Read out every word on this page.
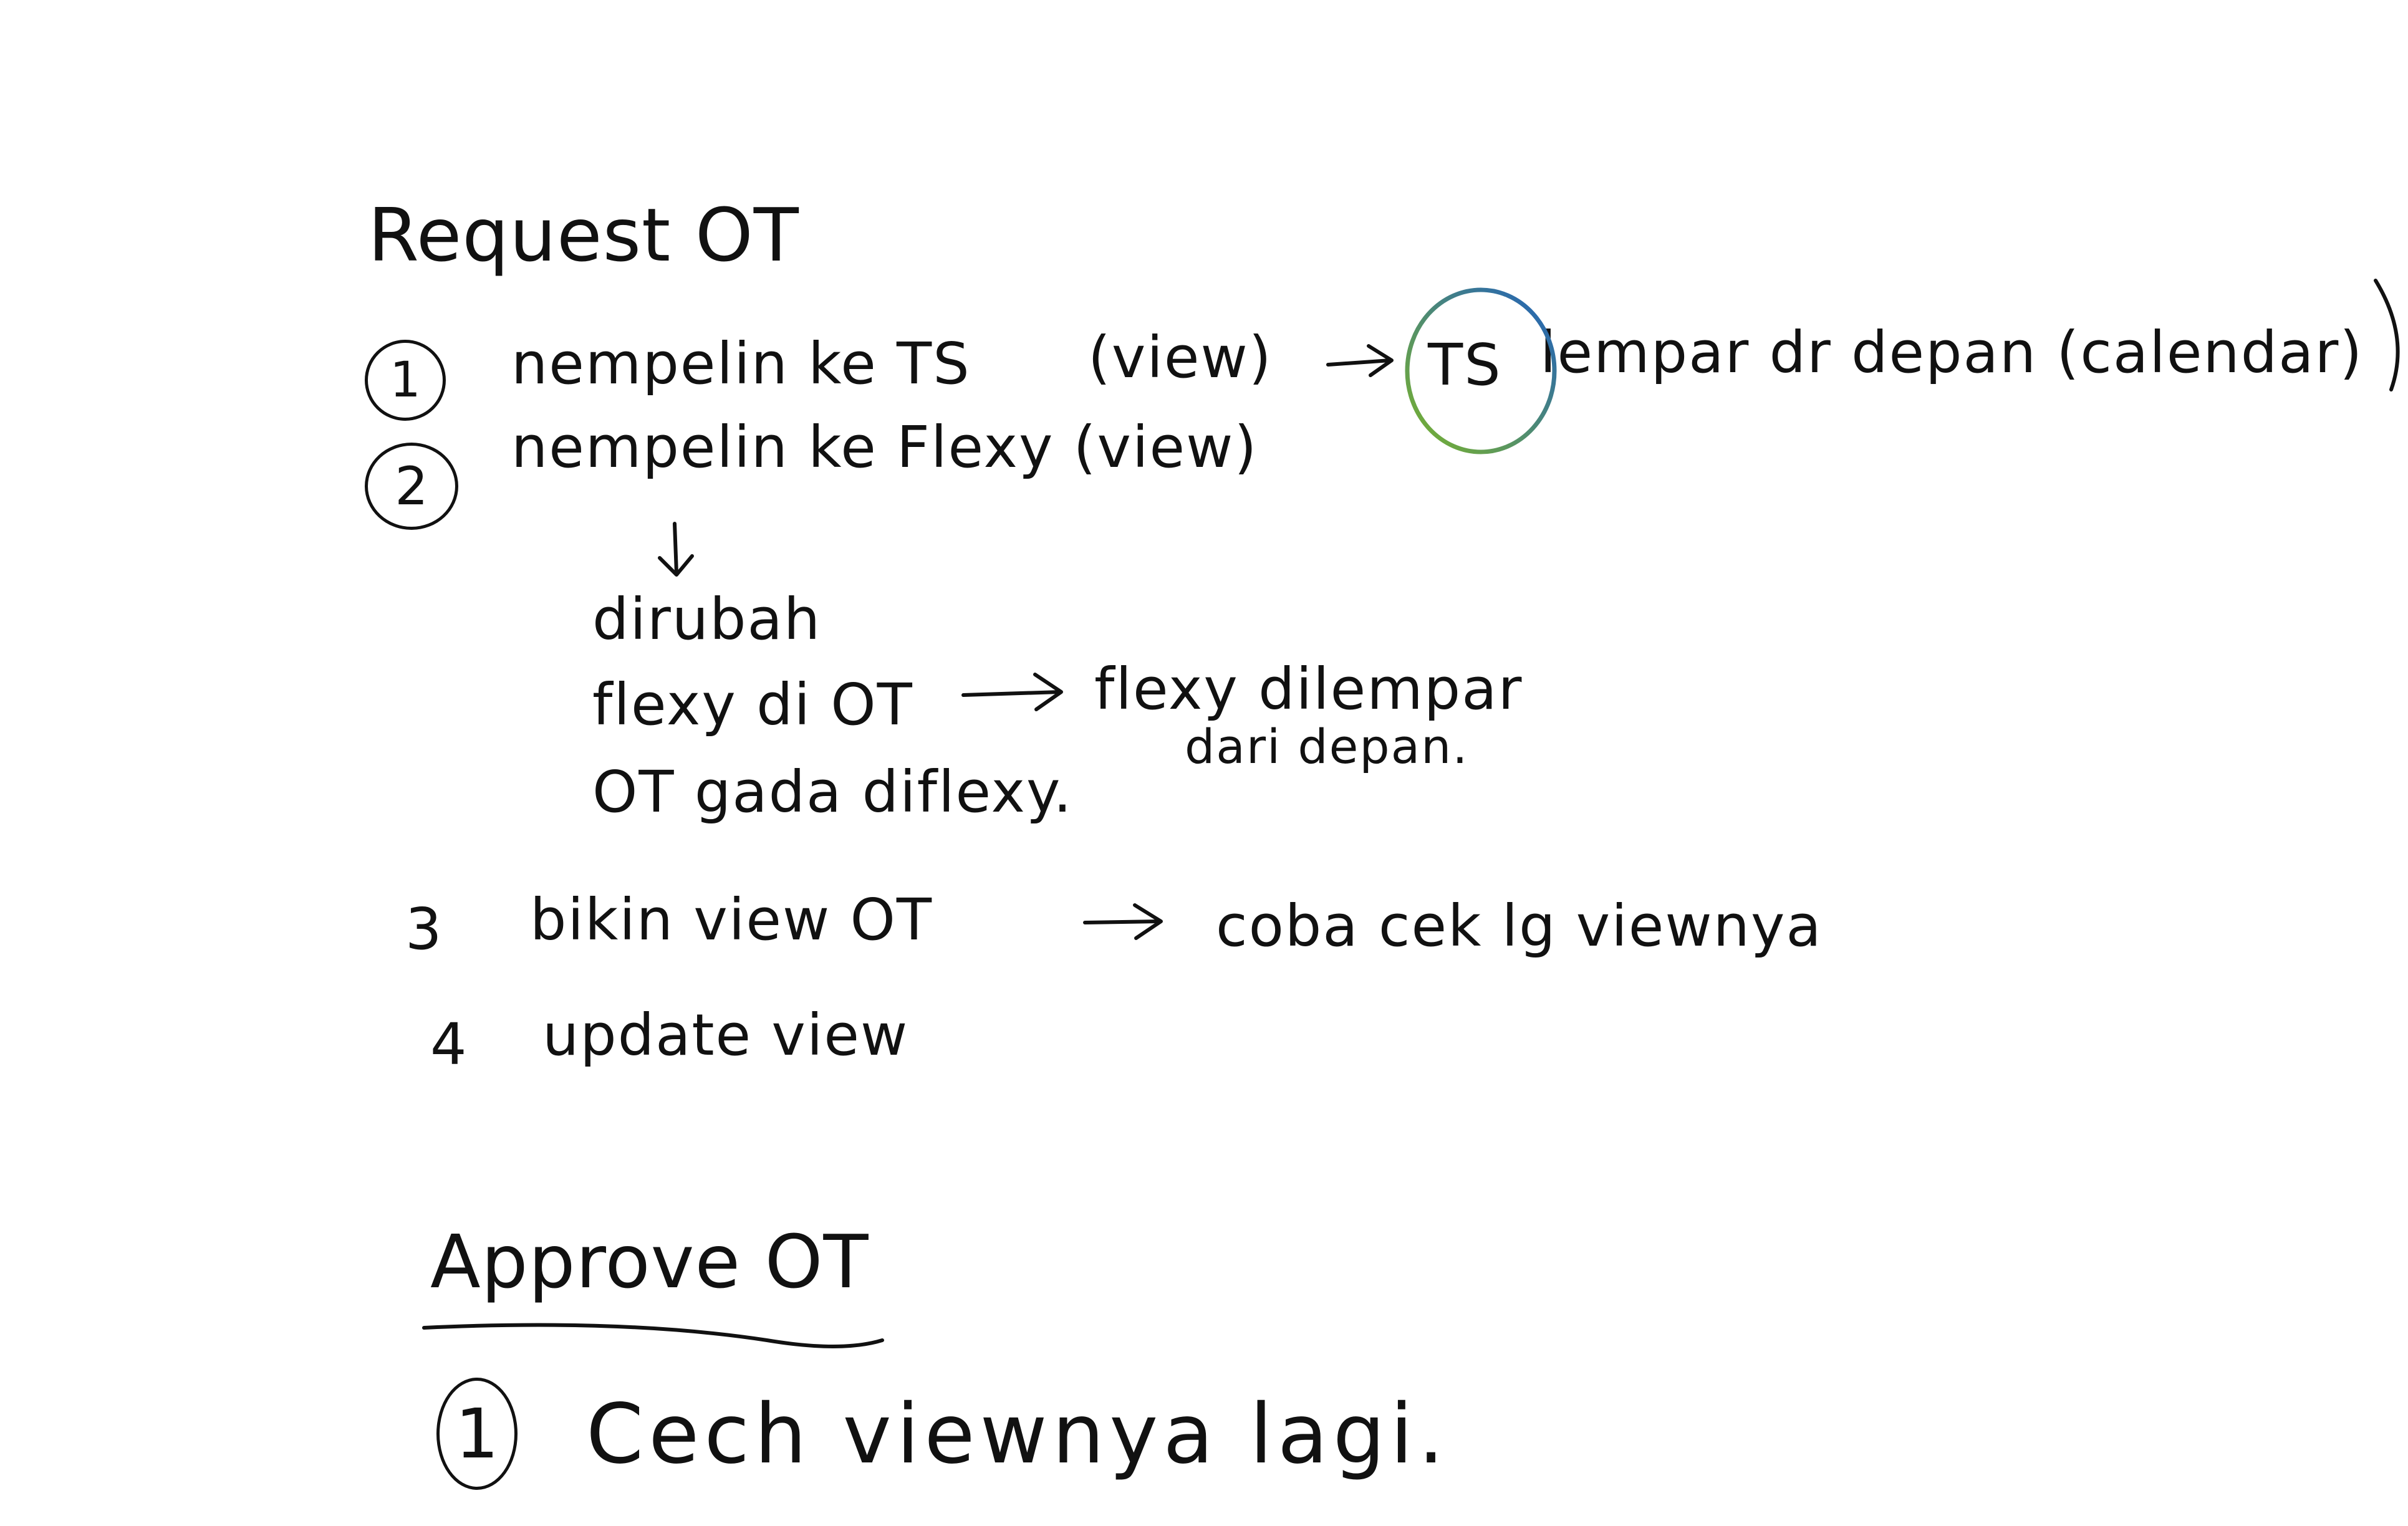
Request OT
1 nempelin ke TS (view)	TS lempar dr depan (calendar)
2
nempelin ke Flexy (view)
dirubah
flexy di OT
OT gada diflexy.
flexy dilempar
dari depan.
3 bikin view OT	coba cek lg viewnya
4 update view
Approve OT
1 Cech viewnya lagi.
